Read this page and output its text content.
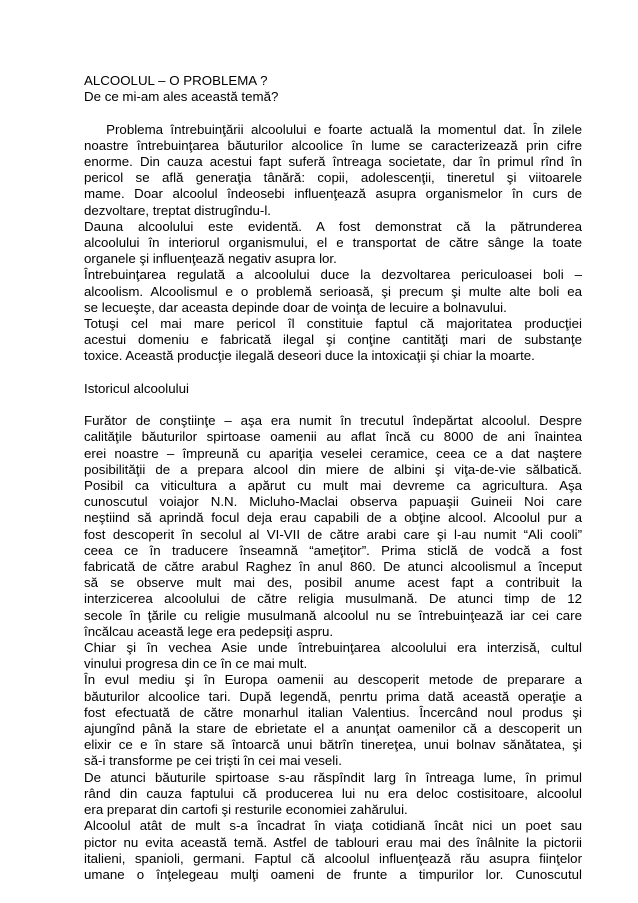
ALCOOLUL – O PROBLEMA ?
De ce mi-am ales această temă?
Problema întrebuinţării alcoolului e foarte actuală la momentul dat. În zilele
noastre întrebuinţarea băuturilor alcoolice în lume se caracterizează prin cifre
enorme. Din cauza acestui fapt suferă întreaga societate, dar în primul rînd în
pericol se află generaţia tânără: copii, adolescenţii, tineretul şi viitoarele
mame. Doar alcoolul îndeosebi influenţează asupra organismelor în curs de
dezvoltare, treptat distrugîndu-l.
Dauna alcoolului este evidentă. A fost demonstrat că la pătrunderea
alcoolului în interiorul organismului, el e transportat de către sânge la toate
organele şi influenţează negativ asupra lor.
Întrebuinţarea regulată a alcoolului duce la dezvoltarea periculoasei boli –
alcoolism. Alcoolismul e o problemă serioasă, şi precum şi multe alte boli ea
se lecueşte, dar aceasta depinde doar de voinţa de lecuire a bolnavului.
Totuşi cel mai mare pericol îl constituie faptul că majoritatea producţiei
acestui domeniu e fabricată ilegal şi conţine cantităţi mari de substanţe
toxice. Această producţie ilegală deseori duce la intoxicaţii şi chiar la moarte.
Istoricul alcoolului
Furător de conştiinţe – aşa era numit în trecutul îndepărtat alcoolul. Despre
calităţile băuturilor spirtoase oamenii au aflat încă cu 8000 de ani înaintea
erei noastre – împreună cu apariţia veselei ceramice, ceea ce a dat naştere
posibilităţii de a prepara alcool din miere de albini şi viţa-de-vie sălbatică.
Posibil ca viticultura a apărut cu mult mai devreme ca agricultura. Aşa
cunoscutul voiajor N.N. Micluho-Maclai observa papuaşii Guineii Noi care
neştiind să aprindă focul deja erau capabili de a obţine alcool. Alcoolul pur a
fost descoperit în secolul al VI-VII de către arabi care şi l-au numit “Ali cooli”
ceea ce în traducere înseamnă “ameţitor”. Prima sticlă de vodcă a fost
fabricată de către arabul Raghez în anul 860. De atunci alcoolismul a început
să se observe mult mai des, posibil anume acest fapt a contribuit la
interzicerea alcoolului de către religia musulmană. De atunci timp de 12
secole în ţările cu religie musulmană alcoolul nu se întrebuinţează iar cei care
încălcau această lege era pedepsiţi aspru.
Chiar şi în vechea Asie unde întrebuinţarea alcoolului era interzisă, cultul
vinului progresa din ce în ce mai mult.
În evul mediu şi în Europa oamenii au descoperit metode de preparare a
băuturilor alcoolice tari. După legendă, penrtu prima dată această operaţie a
fost efectuată de către monarhul italian Valentius. Încercând noul produs şi
ajungînd până la stare de ebrietate el a anunţat oamenilor că a descoperit un
elixir ce e în stare să întoarcă unui bătrîn tinereţea, unui bolnav sănătatea, şi
să-i transforme pe cei trişti în cei mai veseli.
De atunci băuturile spirtoase s-au răspîndit larg în întreaga lume, în primul
rând din cauza faptului că producerea lui nu era deloc costisitoare, alcoolul
era preparat din cartofi şi resturile economiei zahărului.
Alcoolul atât de mult s-a încadrat în viaţa cotidiană încât nici un poet sau
pictor nu evita această temă. Astfel de tablouri erau mai des înâlnite la pictorii
italieni, spanioli, germani. Faptul că alcoolul influenţează rău asupra fiinţelor
umane o înţelegeau mulţi oameni de frunte a timpurilor lor. Cunoscutul
